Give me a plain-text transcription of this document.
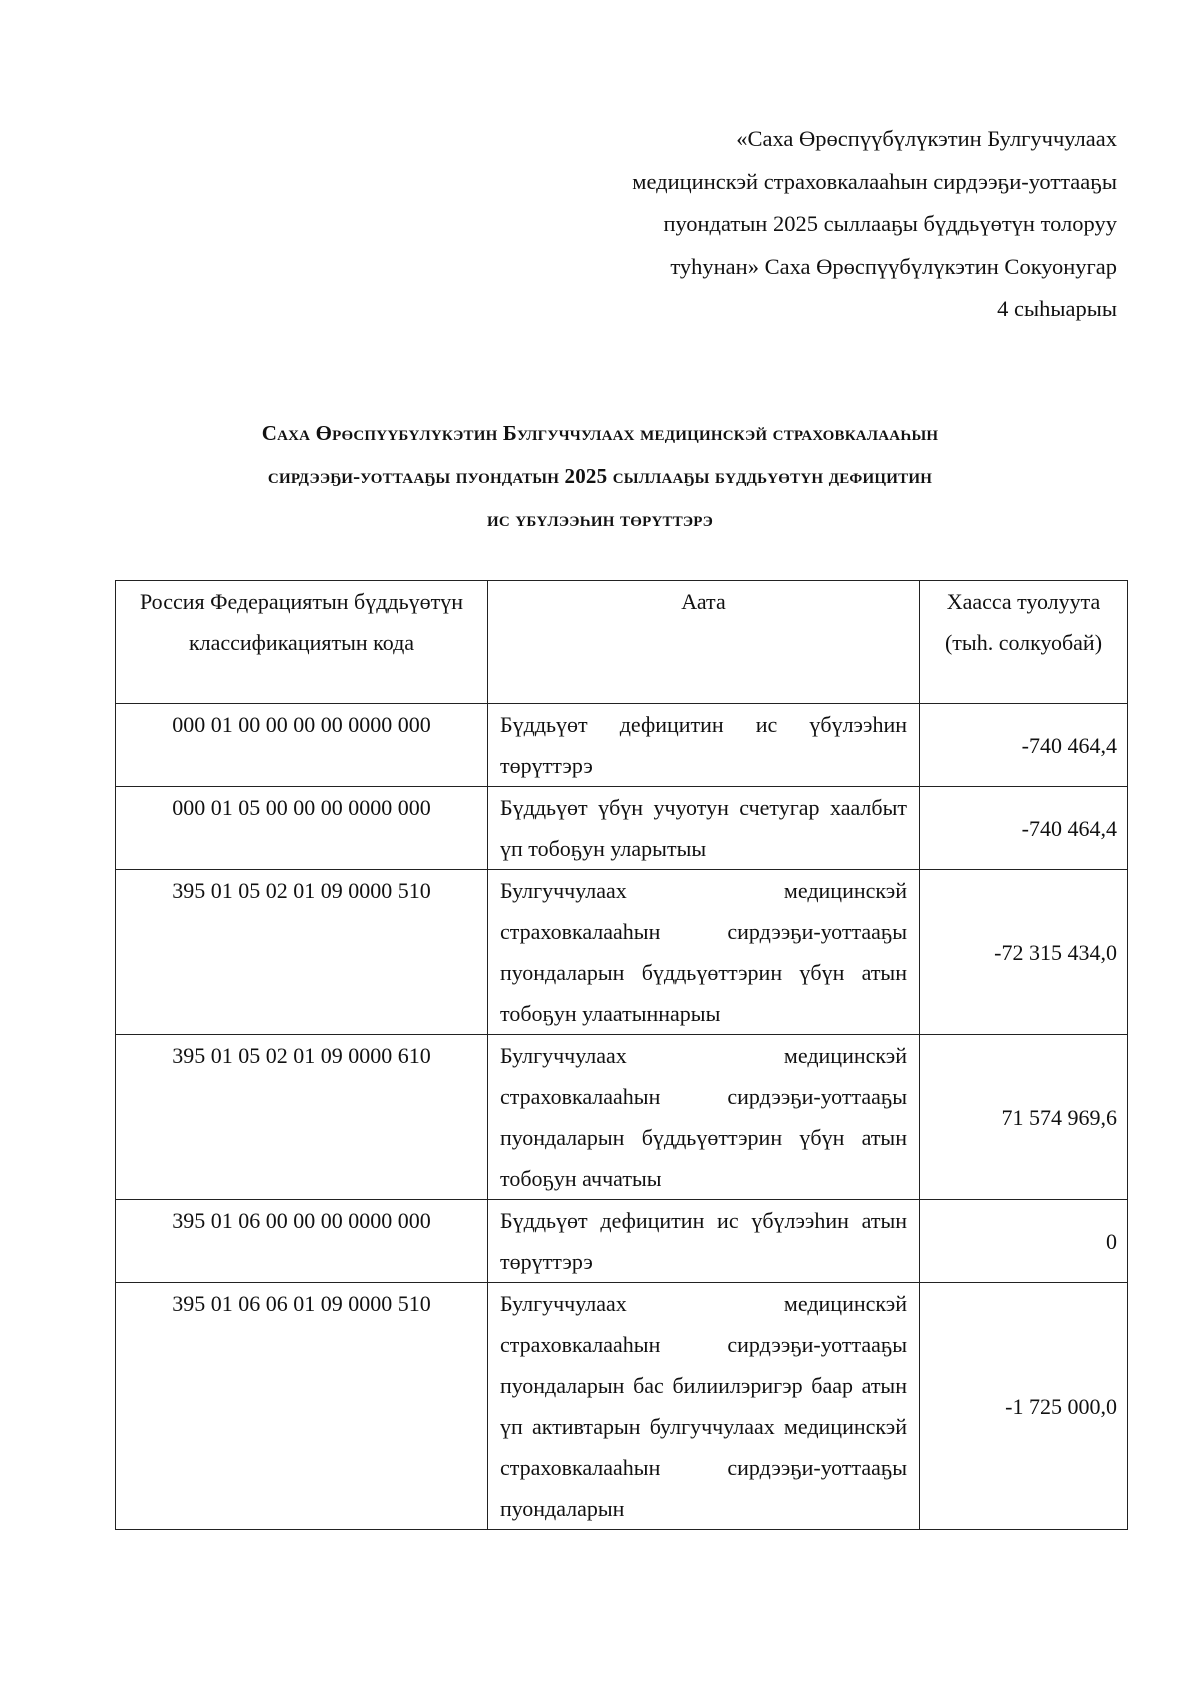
«Саха Өрөспүүбүлүкэтин Булгуччулаах
медицинскэй страховкалааһын сирдээҕи-уоттааҕы
пуондатын 2025 сыллааҕы бүддьүөтүн толоруу
туһунан» Саха Өрөспүүбүлүкэтин Сокуонугар
4 сыһыарыы
Саха Өрөспүүбүлүкэтин Булгуччулаах медицинскэй страховкалааһын
сирдээҕи-уоттааҕы пуондатын 2025 сыллааҕы бүддьүөтүн дефицитин
ис үбүлээһин төрүттэрэ
Россия Федерациятын бүддьүөтүн классификациятын кода	Аата	Хаасса туолуута (тыһ. солкуобай)
000 01 00 00 00 00 0000 000	Бүддьүөт дефицитин ис үбүлээһин төрүттэрэ	-740 464,4
000 01 05 00 00 00 0000 000	Бүддьүөт үбүн учуотун счетугар хаалбыт үп тобоҕун уларытыы	-740 464,4
395 01 05 02 01 09 0000 510	Булгуччулаах медицинскэй страховкалааһын сирдээҕи-уоттааҕы пуондаларын бүддьүөттэрин үбүн атын тобоҕун улаатыннарыы	-72 315 434,0
395 01 05 02 01 09 0000 610	Булгуччулаах медицинскэй страховкалааһын сирдээҕи-уоттааҕы пуондаларын бүддьүөттэрин үбүн атын тобоҕун аччатыы	71 574 969,6
395 01 06 00 00 00 0000 000	Бүддьүөт дефицитин ис үбүлээһин атын төрүттэрэ	0
395 01 06 06 01 09 0000 510	Булгуччулаах медицинскэй страховкалааһын сирдээҕи-уоттааҕы пуондаларын бас билиилэригэр баар атын үп активтарын булгуччулаах медицинскэй страховкалааһын сирдээҕи-уоттааҕы пуондаларын	-1 725 000,0
